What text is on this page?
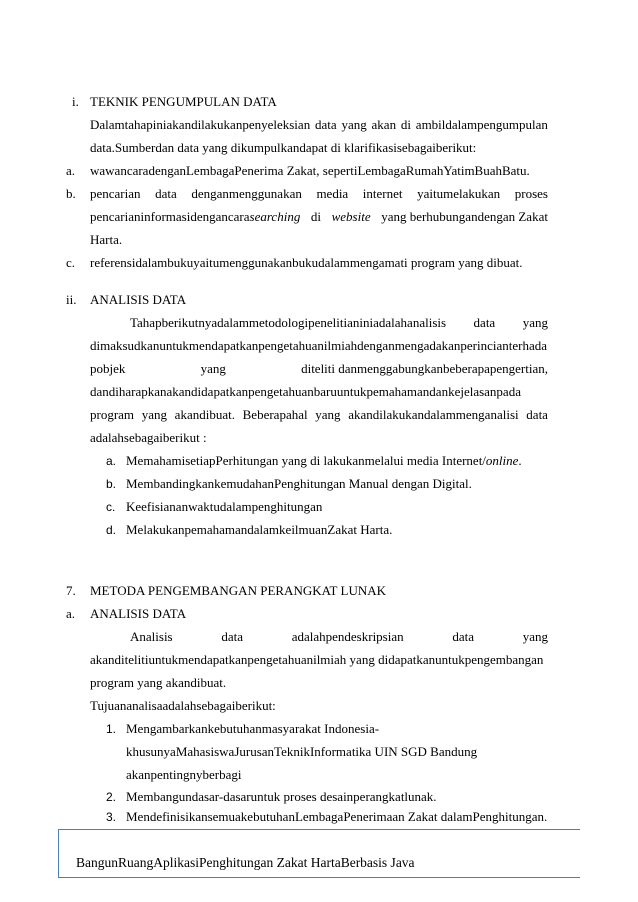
i. TEKNIK PENGUMPULAN DATA
Dalamtahapiniakandilakukanpenyeleksian data yang akan di ambildalampengumpulan
data.Sumberdan data yang dikumpulkandapat di klarifikasisebagaiberikut:
a. wawancaradenganLembagaPenerima Zakat, sepertiLembagaRumahYatimBuahBatu.
b. pencarian data denganmenggunakan media internet yaitumelakukan proses
pencarianinformasidengancarasearching di website yang berhubungandengan Zakat
Harta.
c. referensidalambukuyaitumenggunakanbukudalammengamati program yang dibuat.
ii. ANALISIS DATA
Tahapberikutnyadalammetodologipenelitianiniadalahanalisis data yang
dimaksudkanuntukmendapatkanpengetahuanilmiahdenganmengadakanperincianterhada
pobjek	yang	diteliti danmenggabungkanbeberapapengertian,
dandiharapkanakandidapatkanpengetahuanbaruuntukpemahamandankejelasanpada
program yang akandibuat. Beberapahal yang akandilakukandalammenganalisi data
adalahsebagaiberikut :
a. MemahamisetiapPerhitungan yang di lakukanmelalui media Internet/online.
b. MembandingkankemudahanPenghitungan Manual dengan Digital.
c. Keefisiananwaktudalampenghitungan
d. MelakukanpemahamandalamkeilmuanZakat Harta.
7. METODA PENGEMBANGAN PERANGKAT LUNAK
a. ANALISIS DATA
Analisis	data	adalahpendeskripsian	data	yang
akanditelitiuntukmendapatkanpengetahuanilmiah yang didapatkanuntukpengembangan
program yang akandibuat.
Tujuananalisaadalahsebagaiberikut:
1. Mengambarkankebutuhanmasyarakat Indonesia-
khusunyaMahasiswaJurusanTeknikInformatika UIN SGD Bandung
akanpentingnyberbagi
2. Membangundasar-dasaruntuk proses desainperangkatlunak.
3. MendefinisikansemuakebutuhanLembagaPenerimaan Zakat dalamPenghitungan.
BangunRuangAplikasiPenghitungan Zakat HartaBerbasis Java
